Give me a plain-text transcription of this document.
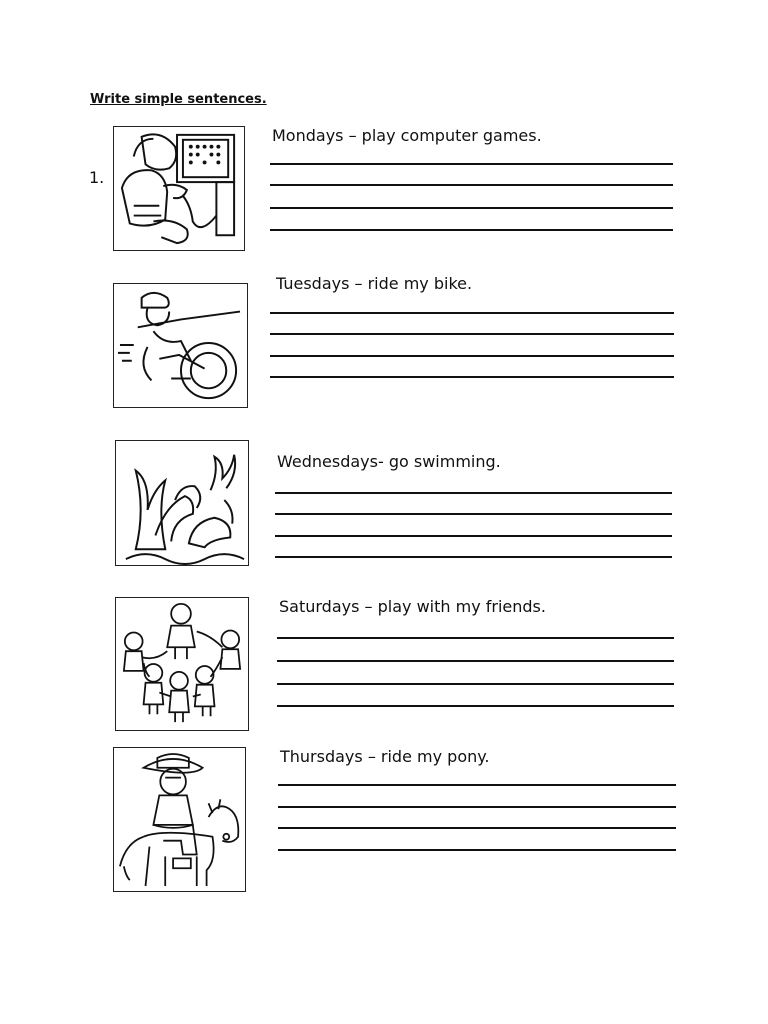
Write simple sentences.
1.
Mondays – play computer games.
Tuesdays – ride my bike.
Wednesdays- go swimming.
Saturdays – play with my friends.
Thursdays – ride my pony.
